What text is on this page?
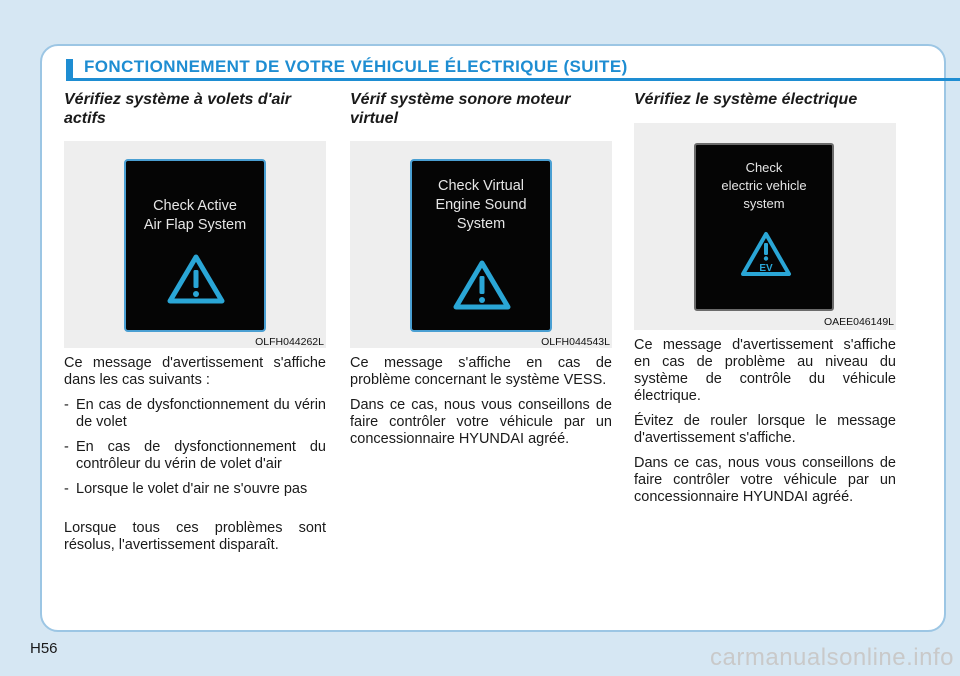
FONCTIONNEMENT DE VOTRE VÉHICULE ÉLECTRIQUE (SUITE)
Vérifiez système à volets d'air
actifs
Check Active
Air Flap System
OLFH044262L

Ce message d'avertissement s'affiche dans les cas suivants :

- En cas de dysfonctionnement du vérin de volet
- En cas de dysfonctionnement du contrôleur du vérin de volet d'air
- Lorsque le volet d'air ne s'ouvre pas

Lorsque tous ces problèmes sont résolus, l'avertissement disparaît.

Vérif système sonore moteur
virtuel
Check Virtual
Engine Sound
System
OLFH044543L

Ce message s'affiche en cas de problème concernant le système VESS.

Dans ce cas, nous vous conseillons de faire contrôler votre véhicule par un concessionnaire HYUNDAI agréé.

Vérifiez le système électrique
Check
electric vehicle
system
EV
OAEE046149L

Ce message d'avertissement s'affiche en cas de problème au niveau du système de contrôle du véhicule électrique.

Évitez de rouler lorsque le message d'avertissement s'affiche.

Dans ce cas, nous vous conseillons de faire contrôler votre véhicule par un concessionnaire HYUNDAI agréé.

H56	carmanualsonline.info
